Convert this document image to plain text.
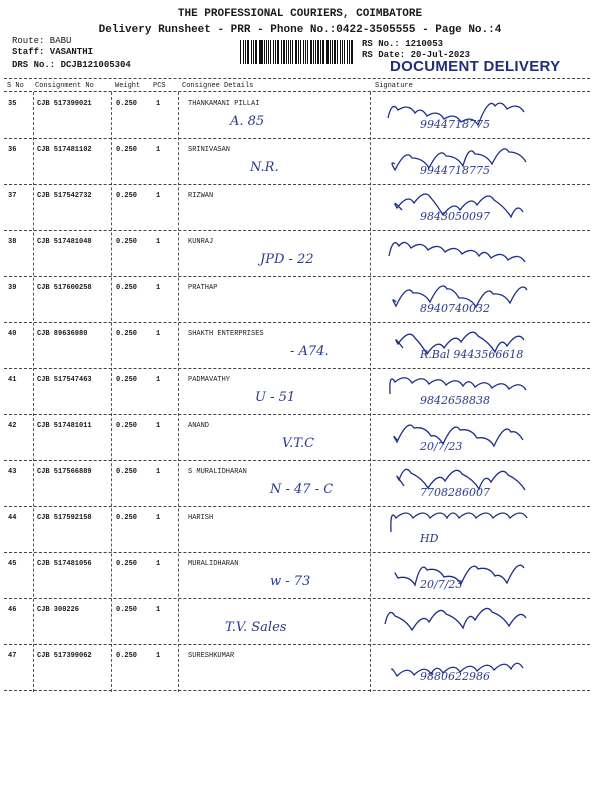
THE PROFESSIONAL COURIERS, COIMBATORE
Delivery Runsheet - PRR - Phone No.:0422-3505555 - Page No.:4
Route: BABU
Staff: VASANTHI
DRS No.: DCJB121005304
RS No.: 1210053
RS Date: 20-Jul-2023
DOCUMENT DELIVERY
S No Consignment No	Weight PCS Consignee Details	Signature
35	CJB 517399021	0.250	1	THANKAMANI PILLAI
A. 85	9944718775
36	CJB 517481102	0.250	1	SRINIVASAN
N.R.	9944718775
37	CJB 517542732	0.250	1	RIZWAN
9843050097
38	CJB 517481048	0.250	1	KUNRAJ
JPD - 22
39	CJB 517600258	0.250	1	PRATHAP
8940740032
40	CJB 89636980	0.250	1	SHAKTH ENTERPRISES
- A74.	R.Bal 9443566618
41	CJB 517547463	0.250	1	PADMAVATHY
U - 51	9842658838
42	CJB 517481011	0.250	1	ANAND
V.T.C	20/7/23
43	CJB 517566889	0.250	1	S MURALIDHARAN
N - 47 - C	7708286007
44	CJB 517592158	0.250	1	HARISH
HD
45	CJB 517481056	0.250	1	MURALIDHARAN
w - 73	20/7/23
46	CJB 300226	0.250	1
T.V. Sales
47	CJB 517399062	0.250	1	SURESHKUMAR
9880622986
